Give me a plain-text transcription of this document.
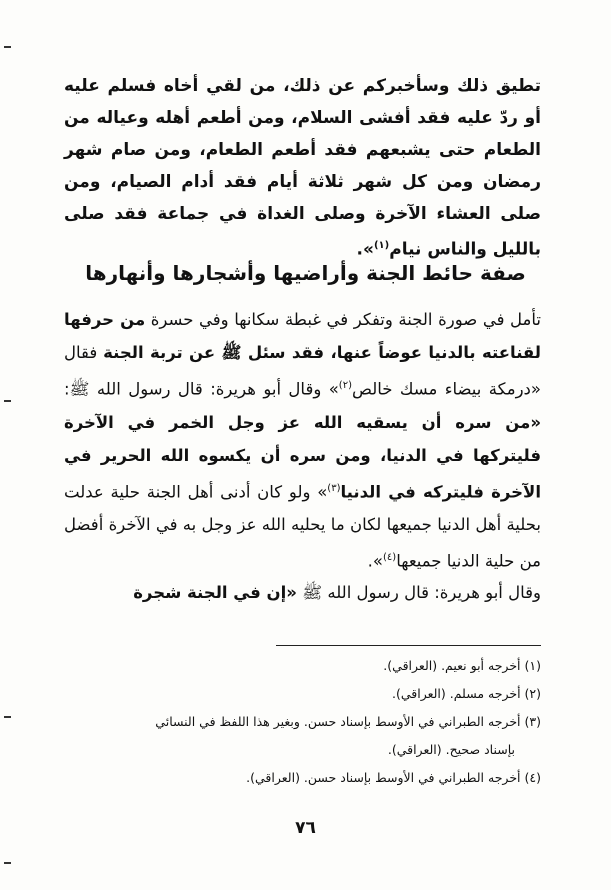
تطيق ذلك وسأخبركم عن ذلك، من لقي أخاه فسلم عليه أو ردّ عليه فقد أفشى السلام، ومن أطعم أهله وعياله من الطعام حتى يشبعهم فقد أطعم الطعام، ومن صام شهر رمضان ومن كل شهر ثلاثة أيام فقد أدام الصيام، ومن صلى العشاء الآخرة وصلى الغداة في جماعة فقد صلى بالليل والناس نيام$^{(١)}$».
صفة حائط الجنة وأراضيها وأشجارها وأنهارها
تأمل في صورة الجنة وتفكر في غبطة سكانها وفي حسرة من حرفها لقناعته بالدنيا عوضاً عنها، فقد سئل ﷺ عن تربة الجنة فقال «درمكة بيضاء مسك خالص$^{(٢)}$» وقال أبو هريرة: قال رسول الله ﷺ: «من سره أن يسقيه الله عز وجل الخمر في الآخرة فليتركها في الدنيا، ومن سره أن يكسوه الله الحرير في الآخرة فليتركه في الدنيا$^{(٣)}$» ولو كان أدنى أهل الجنة حلية عدلت بحلية أهل الدنيا جميعها لكان ما يحليه الله عز وجل به في الآخرة أفضل من حلية الدنيا جميعها$^{(٤)}$».
وقال أبو هريرة: قال رسول الله ﷺ «إن في الجنة شجرة
(١) أخرجه أبو نعيم. (العراقي).
(٢) أخرجه مسلم. (العراقي).
(٣) أخرجه الطبراني في الأوسط بإسناد حسن. وبغير هذا اللفظ في النسائي
بإسناد صحيح. (العراقي).
(٤) أخرجه الطبراني في الأوسط بإسناد حسن. (العراقي).
٧٦
